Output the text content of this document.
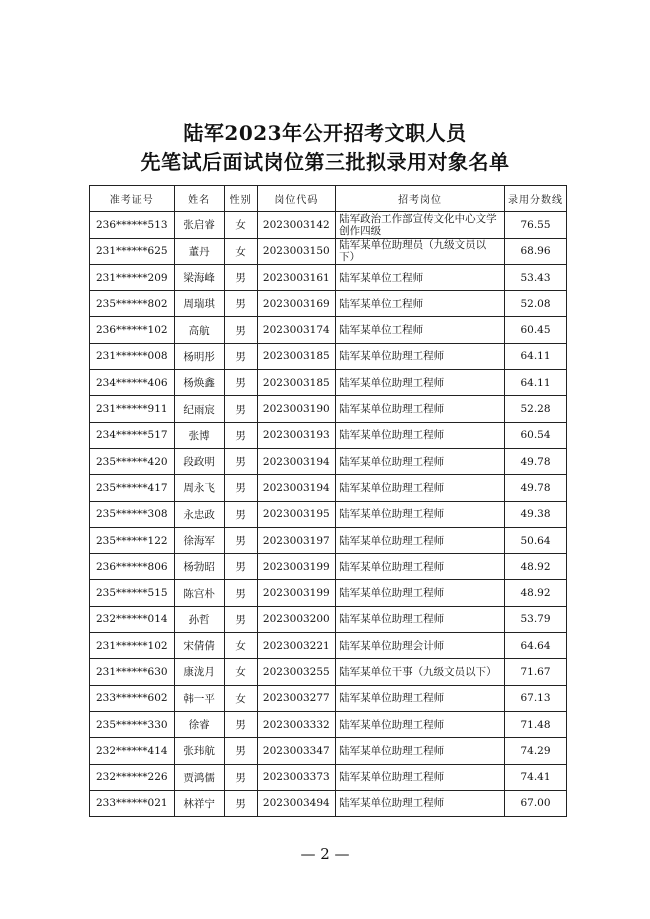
陆军2023年公开招考文职人员
先笔试后面试岗位第三批拟录用对象名单
准考证号	姓名	性别	岗位代码	招考岗位	录用分数线
236******513	张启睿	女	2023003142	陆军政治工作部宣传文化中心文学创作四级	76.55
231******625	董丹	女	2023003150	陆军某单位助理员（九级文员以下）	68.96
231******209	梁海峰	男	2023003161	陆军某单位工程师	53.43
235******802	周瑞琪	男	2023003169	陆军某单位工程师	52.08
236******102	高航	男	2023003174	陆军某单位工程师	60.45
231******008	杨明彤	男	2023003185	陆军某单位助理工程师	64.11
234******406	杨焕鑫	男	2023003185	陆军某单位助理工程师	64.11
231******911	纪雨宸	男	2023003190	陆军某单位助理工程师	52.28
234******517	张博	男	2023003193	陆军某单位助理工程师	60.54
235******420	段政明	男	2023003194	陆军某单位助理工程师	49.78
235******417	周永飞	男	2023003194	陆军某单位助理工程师	49.78
235******308	永忠政	男	2023003195	陆军某单位助理工程师	49.38
235******122	徐海军	男	2023003197	陆军某单位助理工程师	50.64
236******806	杨勃昭	男	2023003199	陆军某单位助理工程师	48.92
235******515	陈宫朴	男	2023003199	陆军某单位助理工程师	48.92
232******014	孙哲	男	2023003200	陆军某单位助理工程师	53.79
231******102	宋倩倩	女	2023003221	陆军某单位助理会计师	64.64
231******630	康泷月	女	2023003255	陆军某单位干事（九级文员以下）	71.67
233******602	韩一平	女	2023003277	陆军某单位助理工程师	67.13
235******330	徐睿	男	2023003332	陆军某单位助理工程师	71.48
232******414	张玮航	男	2023003347	陆军某单位助理工程师	74.29
232******226	贾鸿儒	男	2023003373	陆军某单位助理工程师	74.41
233******021	林祥宁	男	2023003494	陆军某单位助理工程师	67.00
— 2 —
